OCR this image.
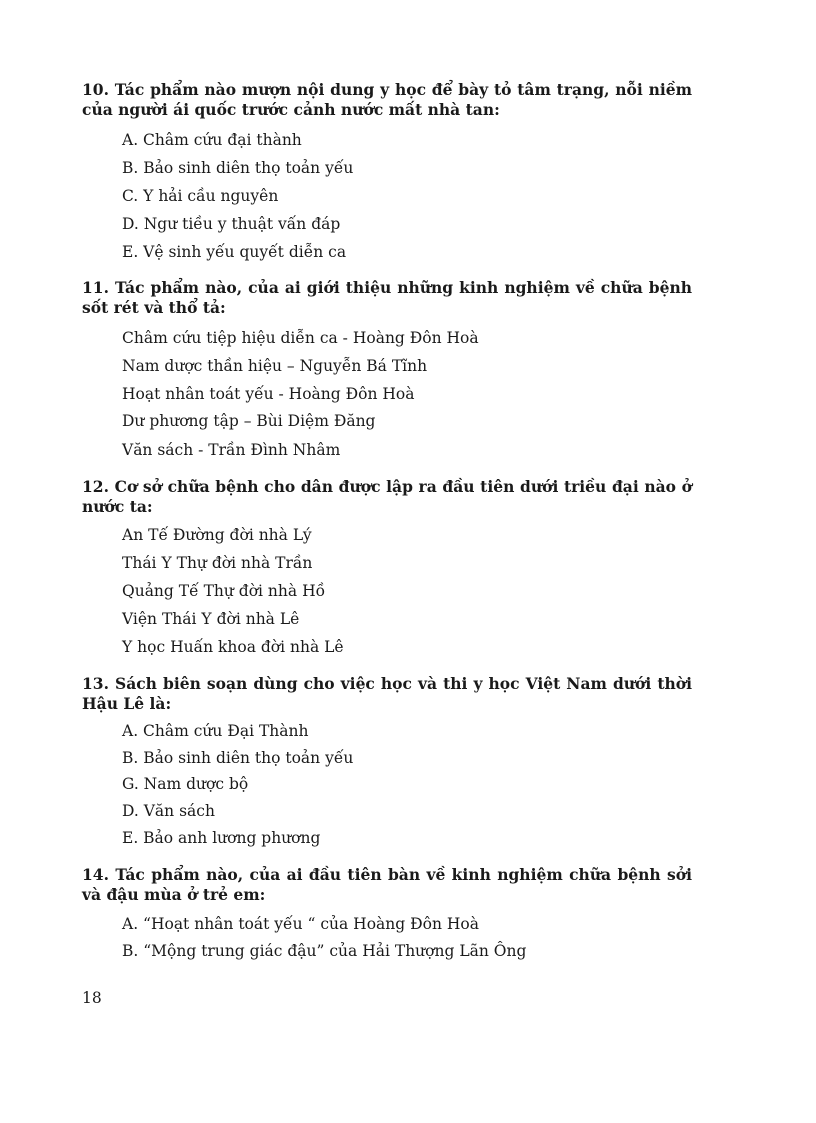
10. Tác phẩm nào mượn nội dung y học để bày tỏ tâm trạng, nỗi niềm của người ái quốc trước cảnh nước mất nhà tan:
A. Châm cứu đại thành
B. Bảo sinh diên thọ toản yếu
C. Y hải cầu nguyên
D. Ngư tiều y thuật vấn đáp
E. Vệ sinh yếu quyết diễn ca
11. Tác phẩm nào, của ai giới thiệu những kinh nghiệm về chữa bệnh sốt rét và thổ tả:
Châm cứu tiệp hiệu diễn ca - Hoàng Đôn Hoà
Nam dược thần hiệu – Nguyễn Bá Tĩnh
Hoạt nhân toát yếu - Hoàng Đôn Hoà
Dư phương tập – Bùi Diệm Đăng
Văn sách - Trần Đình Nhâm
12. Cơ sở chữa bệnh cho dân được lập ra đầu tiên dưới triều đại nào ở nước ta:
An Tế Đường đời nhà Lý
Thái Y Thự đời nhà Trần
Quảng Tế Thự đời nhà Hồ
Viện Thái Y đời nhà Lê
Y học Huấn khoa đời nhà Lê
13. Sách biên soạn dùng cho việc học và thi y học Việt Nam dưới thời Hậu Lê là:
A. Châm cứu Đại Thành
B. Bảo sinh diên thọ toản yếu
G. Nam dược bộ
D. Văn sách
E. Bảo anh lương phương
14. Tác phẩm nào, của ai đầu tiên bàn về kinh nghiệm chữa bệnh sởi và đậu mùa ở trẻ em:
A. “Hoạt nhân toát yếu “ của Hoàng Đôn Hoà
B. “Mộng trung giác đậu” của Hải Thượng Lãn Ông
18
